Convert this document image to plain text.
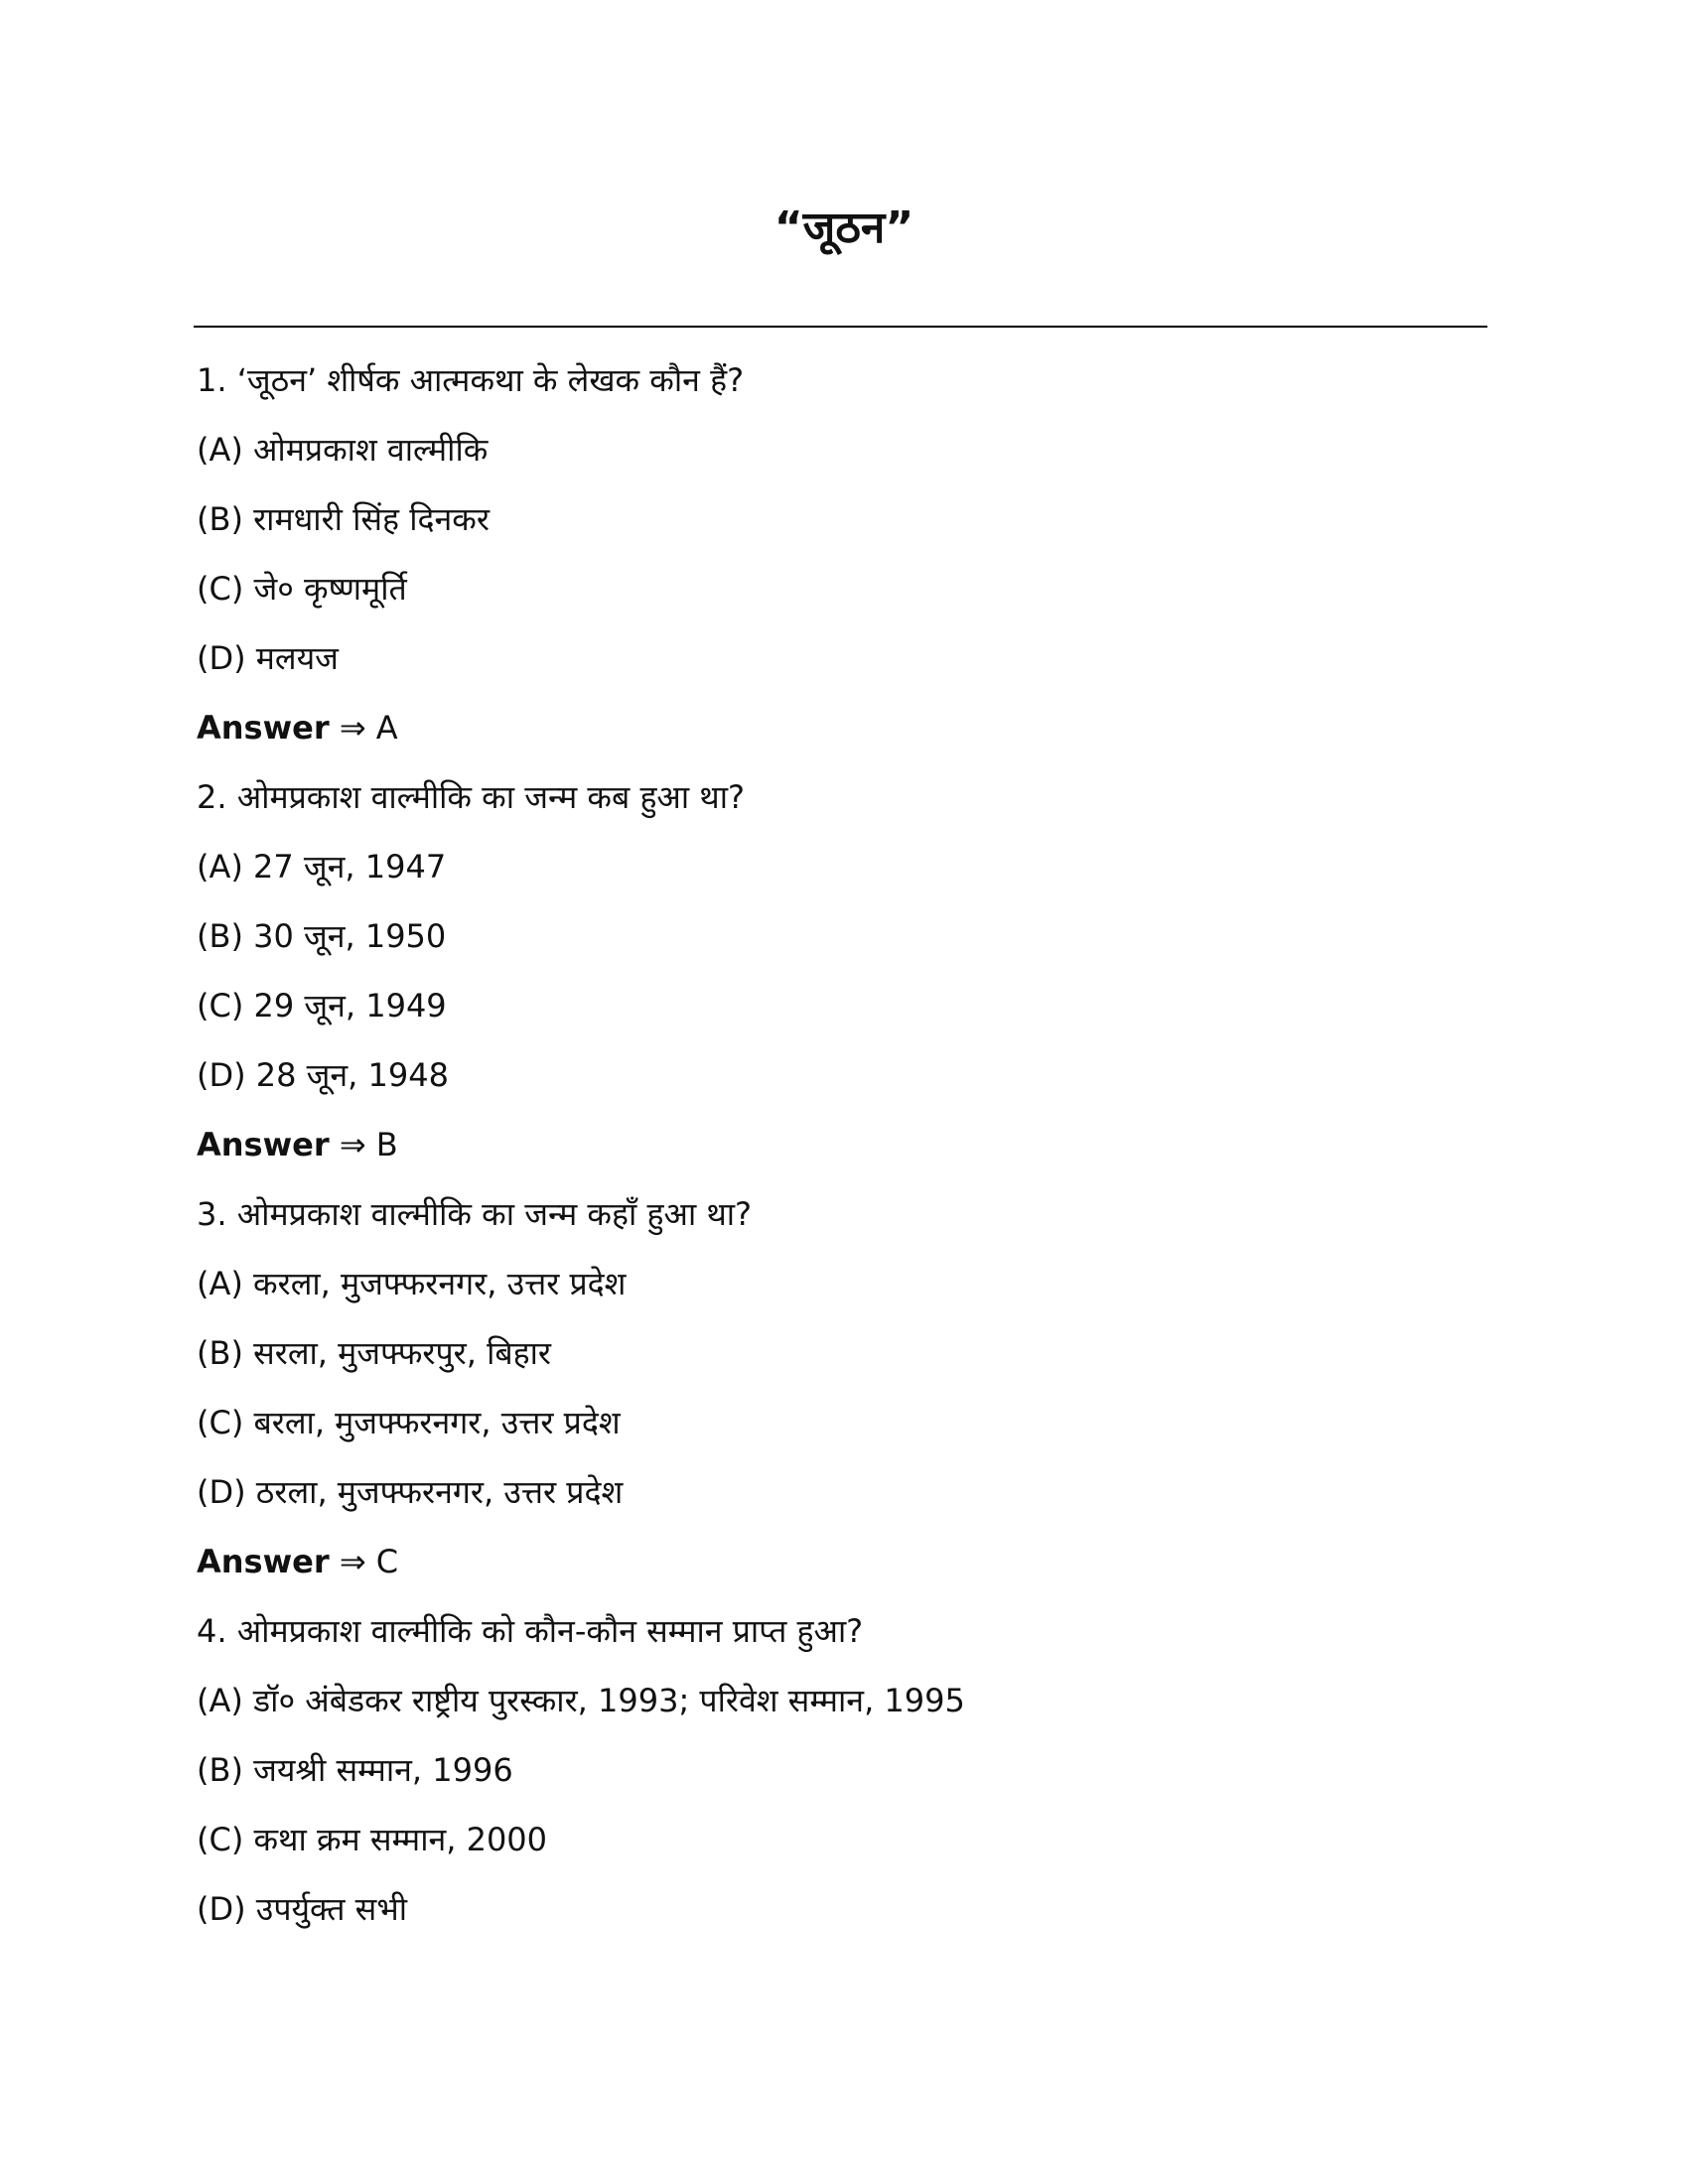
“जूठन”
1. ‘जूठन’ शीर्षक आत्मकथा के लेखक कौन हैं?
(A) ओमप्रकाश वाल्मीकि
(B) रामधारी सिंह दिनकर
(C) जे० कृष्णमूर्ति
(D) मलयज
Answer ⇒ A
2. ओमप्रकाश वाल्मीकि का जन्म कब हुआ था?
(A) 27 जून, 1947
(B) 30 जून, 1950
(C) 29 जून, 1949
(D) 28 जून, 1948
Answer ⇒ B
3. ओमप्रकाश वाल्मीकि का जन्म कहाँ हुआ था?
(A) करला, मुजफ्फरनगर, उत्तर प्रदेश
(B) सरला, मुजफ्फरपुर, बिहार
(C) बरला, मुजफ्फरनगर, उत्तर प्रदेश
(D) ठरला, मुजफ्फरनगर, उत्तर प्रदेश
Answer ⇒ C
4. ओमप्रकाश वाल्मीकि को कौन-कौन सम्मान प्राप्त हुआ?
(A) डॉ० अंबेडकर राष्ट्रीय पुरस्कार, 1993; परिवेश सम्मान, 1995
(B) जयश्री सम्मान, 1996
(C) कथा क्रम सम्मान, 2000
(D) उपर्युक्त सभी
